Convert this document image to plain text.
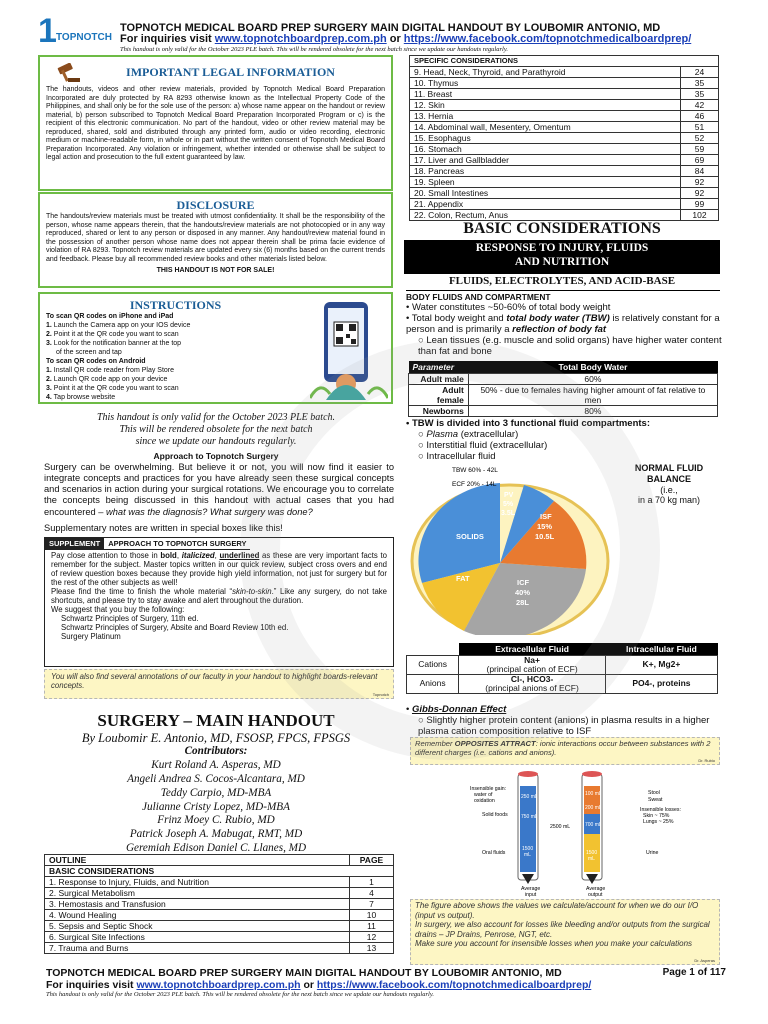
1 TOPNOTCH
TOPNOTCH MEDICAL BOARD PREP SURGERY MAIN DIGITAL HANDOUT BY LOUBOMIR ANTONIO, MD
For inquiries visit www.topnotchboardprep.com.ph or https://www.facebook.com/topnotchmedicalboardprep/
This handout is only valid for the October 2023 PLE batch. This will be rendered obsolete for the next batch since we update our handouts regularly.
IMPORTANT LEGAL INFORMATION
The handouts, videos and other review materials, provided by Topnotch Medical Board Preparation Incorporated are duly protected by RA 8293 otherwise known as the Intellectual Property Code of the Philippines, and shall only be for the sole use of the person: a) whose name appear on the handout or review material, b) person subscribed to Topnotch Medical Board Preparation Incorporated Program or c) is the recipient of this electronic communication. No part of the handout, video or other review material may be reproduced, shared, sold and distributed through any printed form, audio or video recording, electronic medium or machine-readable form, in whole or in part without the written consent of Topnotch Medical Board Preparation Incorporated. Any violation or infringement, whether intended or otherwise shall be subject to legal action and prosecution to the full extent guaranteed by law.
DISCLOSURE
The handouts/review materials must be treated with utmost confidentiality. It shall be the responsibility of the person, whose name appears therein, that the handouts/review materials are not photocopied or in any way reproduced, shared or lent to any person or disposed in any manner. Any handout/review material found in the possession of another person whose name does not appear therein shall be prima facie evidence of violation of RA 8293. Topnotch review materials are updated every six (6) months based on the current trends and feedback. Please buy all recommended review books and other materials listed below.
THIS HANDOUT IS NOT FOR SALE!
INSTRUCTIONS
To scan QR codes on iPhone and iPad
1. Launch the Camera app on your IOS device
2. Point it at the QR code you want to scan
3. Look for the notification banner at the top
of the screen and tap
To scan QR codes on Android
1. Install QR code reader from Play Store
2. Launch QR code app on your device
3. Point it at the QR code you want to scan
4. Tap browse website
This handout is only valid for the October 2023 PLE batch.
This will be rendered obsolete for the next batch
since we update our handouts regularly.
Approach to Topnotch Surgery
Surgery can be overwhelming. But believe it or not, you will now find it easier to integrate concepts and practices for you have already seen these surgical concepts and scenarios in action during your surgical rotations. We encourage you to correlate the concepts being discussed in this handout with actual cases that you had encountered – what was the diagnosis? What surgery was done?
Supplementary notes are written in special boxes like this!
SUPPLEMENT	APPROACH TO TOPNOTCH SURGERY
Pay close attention to those in bold, italicized, underlined as these are very important facts to remember for the subject. Master topics written in our quick review, subject cross overs and end of review question boxes because they provide high yield information, not just for surgery but for the rest of the other subjects as well!
Please find the time to finish the whole material “skin-to-skin.” Like any surgery, do not take shortcuts, and please try to stay awake and alert throughout the duration.
We suggest that you buy the following:
Schwartz Principles of Surgery, 11th ed.
Schwartz Principles of Surgery, Absite and Board Review 10th ed.
Surgery Platinum
You will also find several annotations of our faculty in your handout to highlight boards-relevant concepts.
Topnotch
SURGERY – MAIN HANDOUT
By Loubomir E. Antonio, MD, FSOSP, FPCS, FPSGS
Contributors:
Kurt Roland A. Asperas, MD
Angeli Andrea S. Cocos-Alcantara, MD
Teddy Carpio, MD-MBA
Julianne Cristy Lopez, MD-MBA
Frinz Moey C. Rubio, MD
Patrick Joseph A. Mabugat, RMT, MD
Geremiah Edison Daniel C. Llanes, MD
OUTLINE	PAGE
BASIC CONSIDERATIONS	
1. Response to Injury, Fluids, and Nutrition	1
2. Surgical Metabolism	4
3. Hemostasis and Transfusion	7
4. Wound Healing	10
5. Sepsis and Septic Shock	11
6. Surgical Site Infections	12
7. Trauma and Burns	13
SPECIFIC CONSIDERATIONS	
9. Head, Neck, Thyroid, and Parathyroid	24
10. Thymus	35
11. Breast	35
12. Skin	42
13. Hernia	46
14. Abdominal wall, Mesentery, Omentum	51
15. Esophagus	52
16. Stomach	59
17. Liver and Gallbladder	69
18. Pancreas	84
19. Spleen	92
20. Small Intestines	92
21. Appendix	99
22. Colon, Rectum, Anus	102
BASIC CONSIDERATIONS
RESPONSE TO INJURY, FLUIDS
AND NUTRITION
FLUIDS, ELECTROLYTES, AND ACID-BASE
BODY FLUIDS AND COMPARTMENT
• Water constitutes ~50-60% of total body weight
• Total body weight and total body water (TBW) is relatively constant for a person and is primarily a reflection of body fat
○ Lean tissues (e.g. muscle and solid organs) have higher water content than fat and bone
Parameter	Total Body Water
Adult male	60%
Adult female	50% - due to females having higher amount of fat relative to men
Newborns	80%
• TBW is divided into 3 functional fluid compartments:
○ Plasma (extracellular)
○ Interstitial fluid (extracellular)
○ Intracellular fluid
TBW 60% - 42L
ECF 20% - 14L
PV
5%
3.5L	ISF
15%
10.5L
ICF
40%
28L
SOLIDS
FAT
NORMAL FLUID
BALANCE
(i.e.,
in a 70 kg man)
	Extracellular Fluid	Intracellular Fluid
Cations	Na+
(principal cation of ECF)	K+, Mg2+
Anions	Cl-, HCO3-
(principal anions of ECF)	PO4-, proteins
• Gibbs-Donnan Effect
○ Slightly higher protein content (anions) in plasma results in a higher plasma cation composition relative to ISF
Remember OPPOSITES ATTRACT: ionic interactions occur between substances with 2 different charges (i.e. cations and anions).
Dr. Rubio
Insensible gain:
water of
oxidation
Solid foods
Oral fluids
2500 mL
Stool
Sweat
Insensible losses:
Skin ~ 75%
Lungs ~ 25%
Urine
Average
input
Average
output
250 mL
750 mL
1500
mL
100 mL
200 mL
700 mL
1500
mL
The figure above shows the values we calculate/account for when we do our I/O (input vs output).
In surgery, we also account for losses like bleeding and/or outputs from the surgical drains – JP Drains, Penrose, NGT, etc.
Make sure you account for insensible losses when you make your calculations
Dr. Asperas
TOPNOTCH MEDICAL BOARD PREP SURGERY MAIN DIGITAL HANDOUT BY LOUBOMIR ANTONIO, MD	Page 1 of 117
For inquiries visit www.topnotchboardprep.com.ph or https://www.facebook.com/topnotchmedicalboardprep/
This handout is only valid for the October 2023 PLE batch. This will be rendered obsolete for the next batch since we update our handouts regularly.
